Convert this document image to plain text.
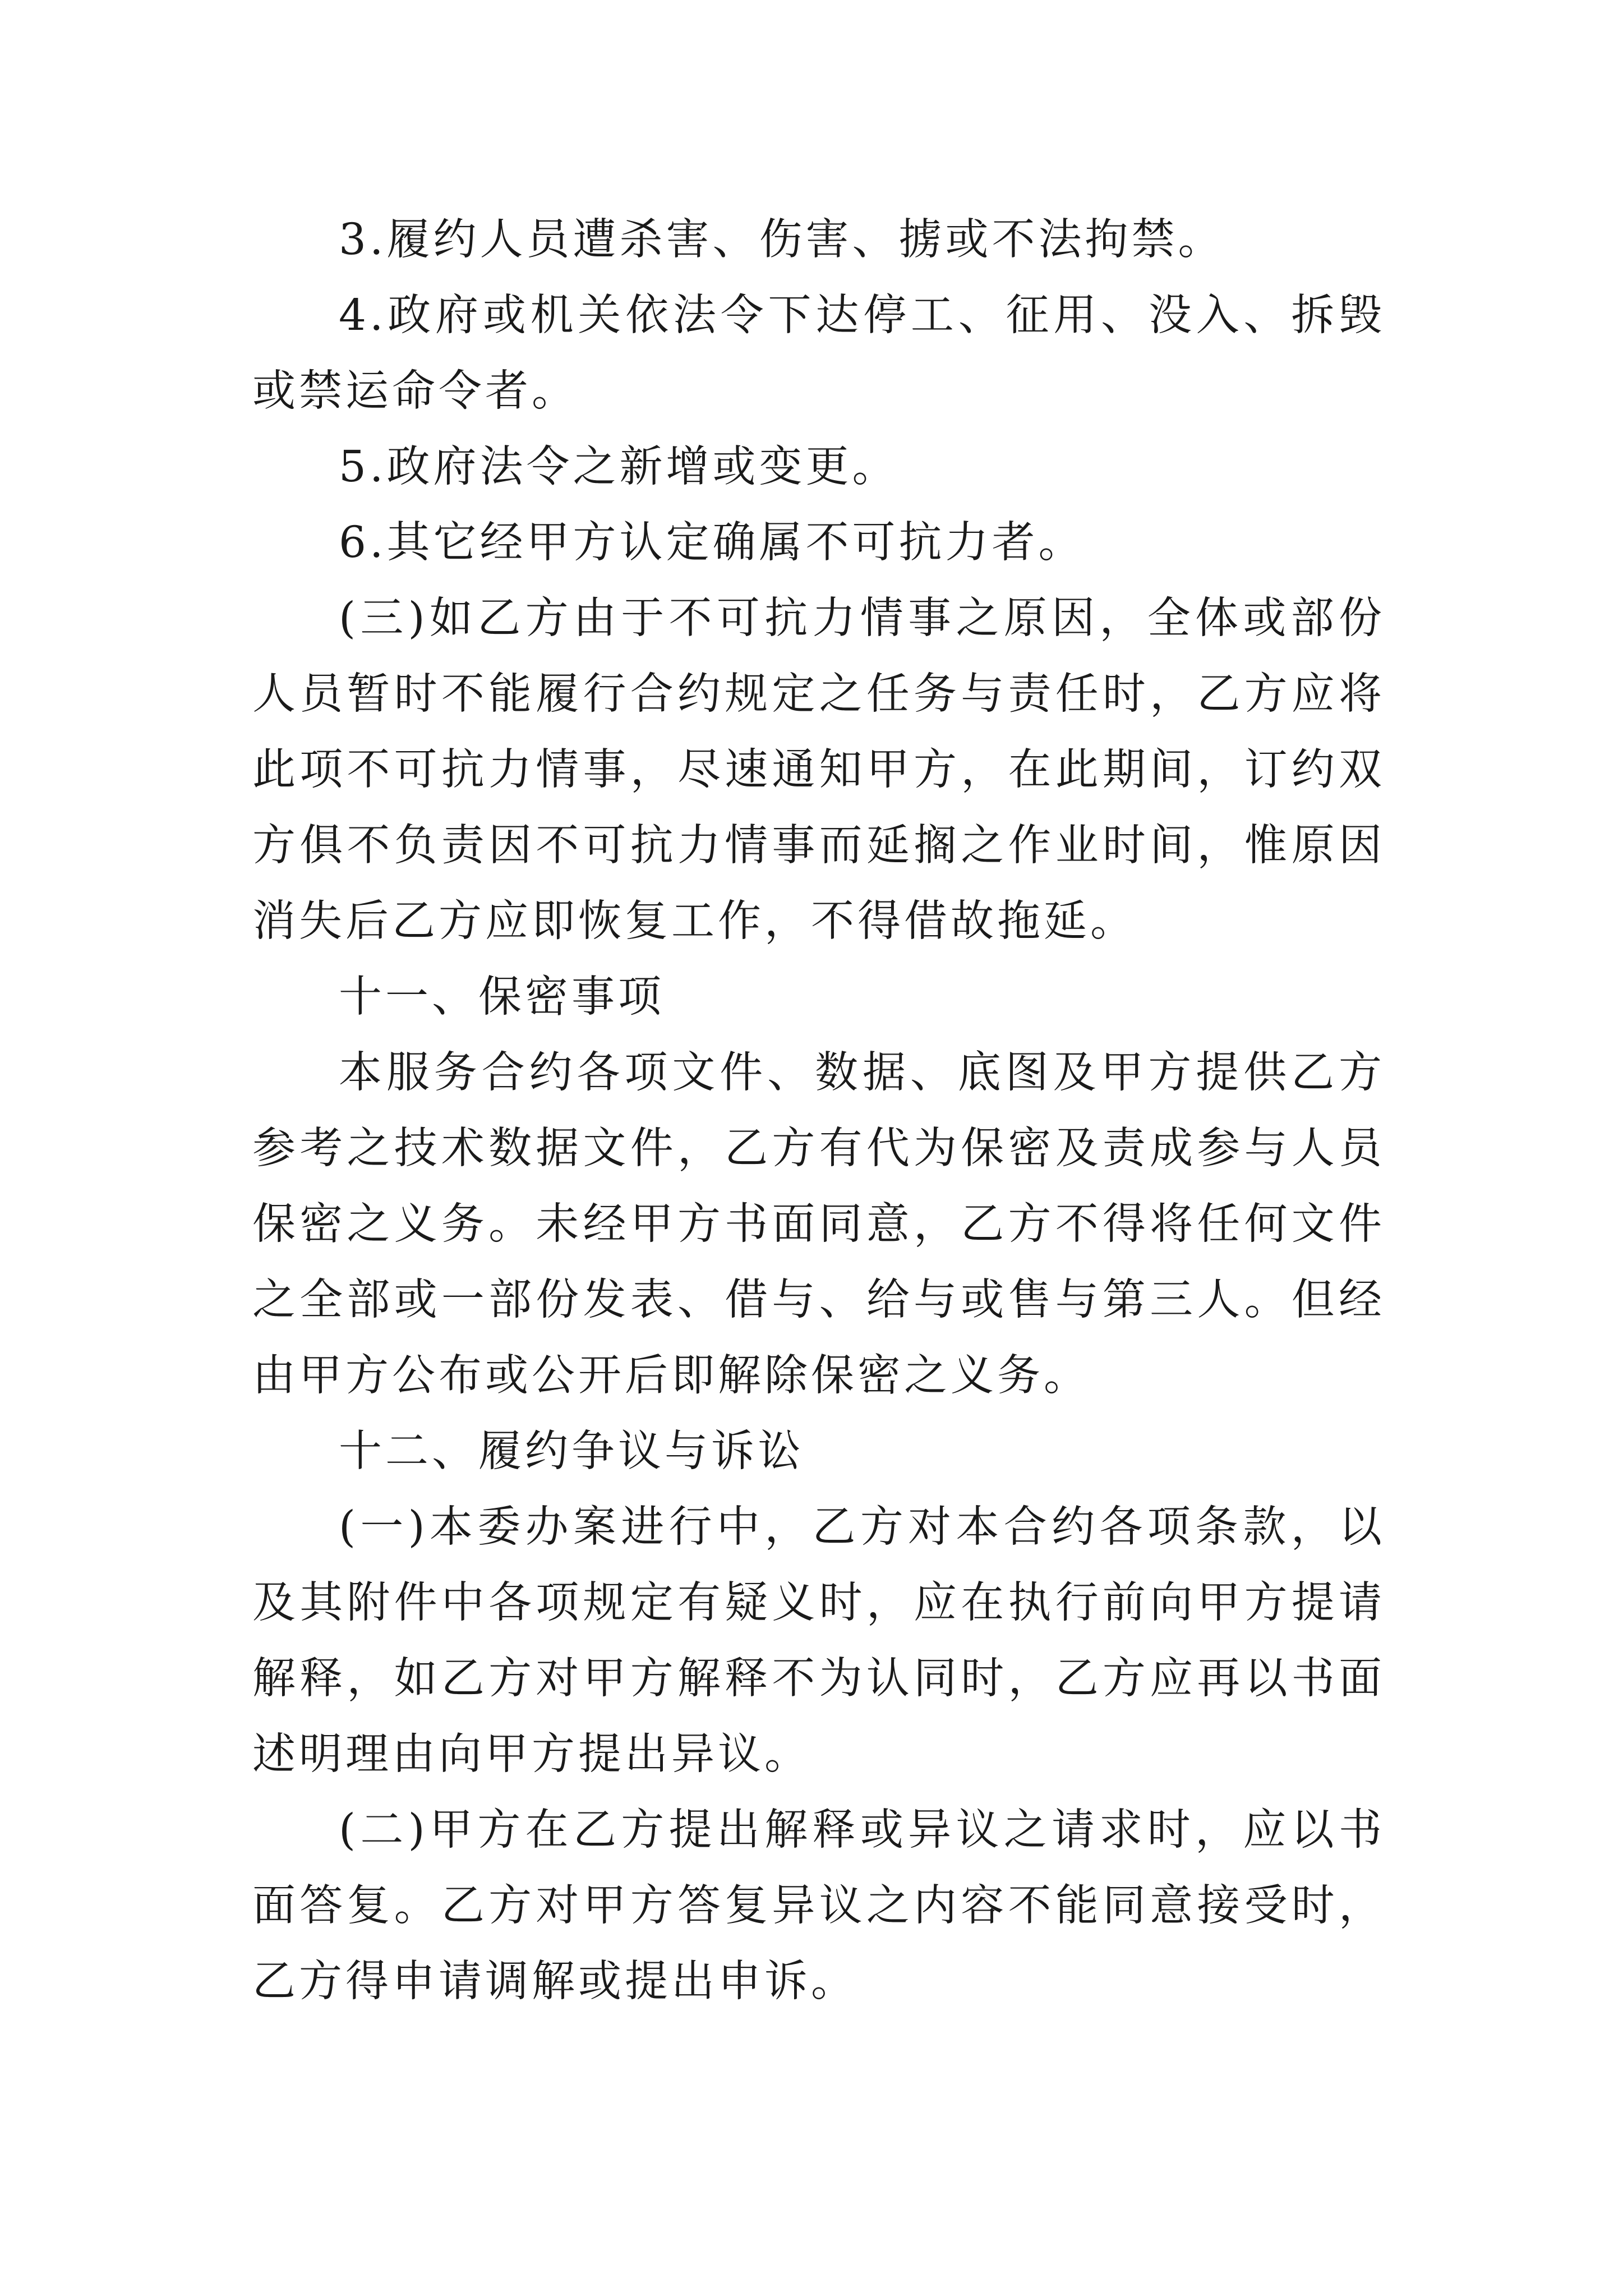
3.履约人员遭杀害、伤害、掳或不法拘禁。

4.政府或机关依法令下达停工、征用、没入、拆毁或禁运命令者。

5.政府法令之新增或变更。

6.其它经甲方认定确属不可抗力者。

(三)如乙方由于不可抗力情事之原因，全体或部份人员暂时不能履行合约规定之任务与责任时，乙方应将此项不可抗力情事，尽速通知甲方，在此期间，订约双方俱不负责因不可抗力情事而延搁之作业时间，惟原因消失后乙方应即恢复工作，不得借故拖延。

十一、保密事项

本服务合约各项文件、数据、底图及甲方提供乙方参考之技术数据文件，乙方有代为保密及责成参与人员保密之义务。未经甲方书面同意，乙方不得将任何文件之全部或一部份发表、借与、给与或售与第三人。但经由甲方公布或公开后即解除保密之义务。

十二、履约争议与诉讼

(一)本委办案进行中，乙方对本合约各项条款，以及其附件中各项规定有疑义时，应在执行前向甲方提请解释，如乙方对甲方解释不为认同时，乙方应再以书面述明理由向甲方提出异议。

(二)甲方在乙方提出解释或异议之请求时，应以书面答复。乙方对甲方答复异议之内容不能同意接受时，乙方得申请调解或提出申诉。
